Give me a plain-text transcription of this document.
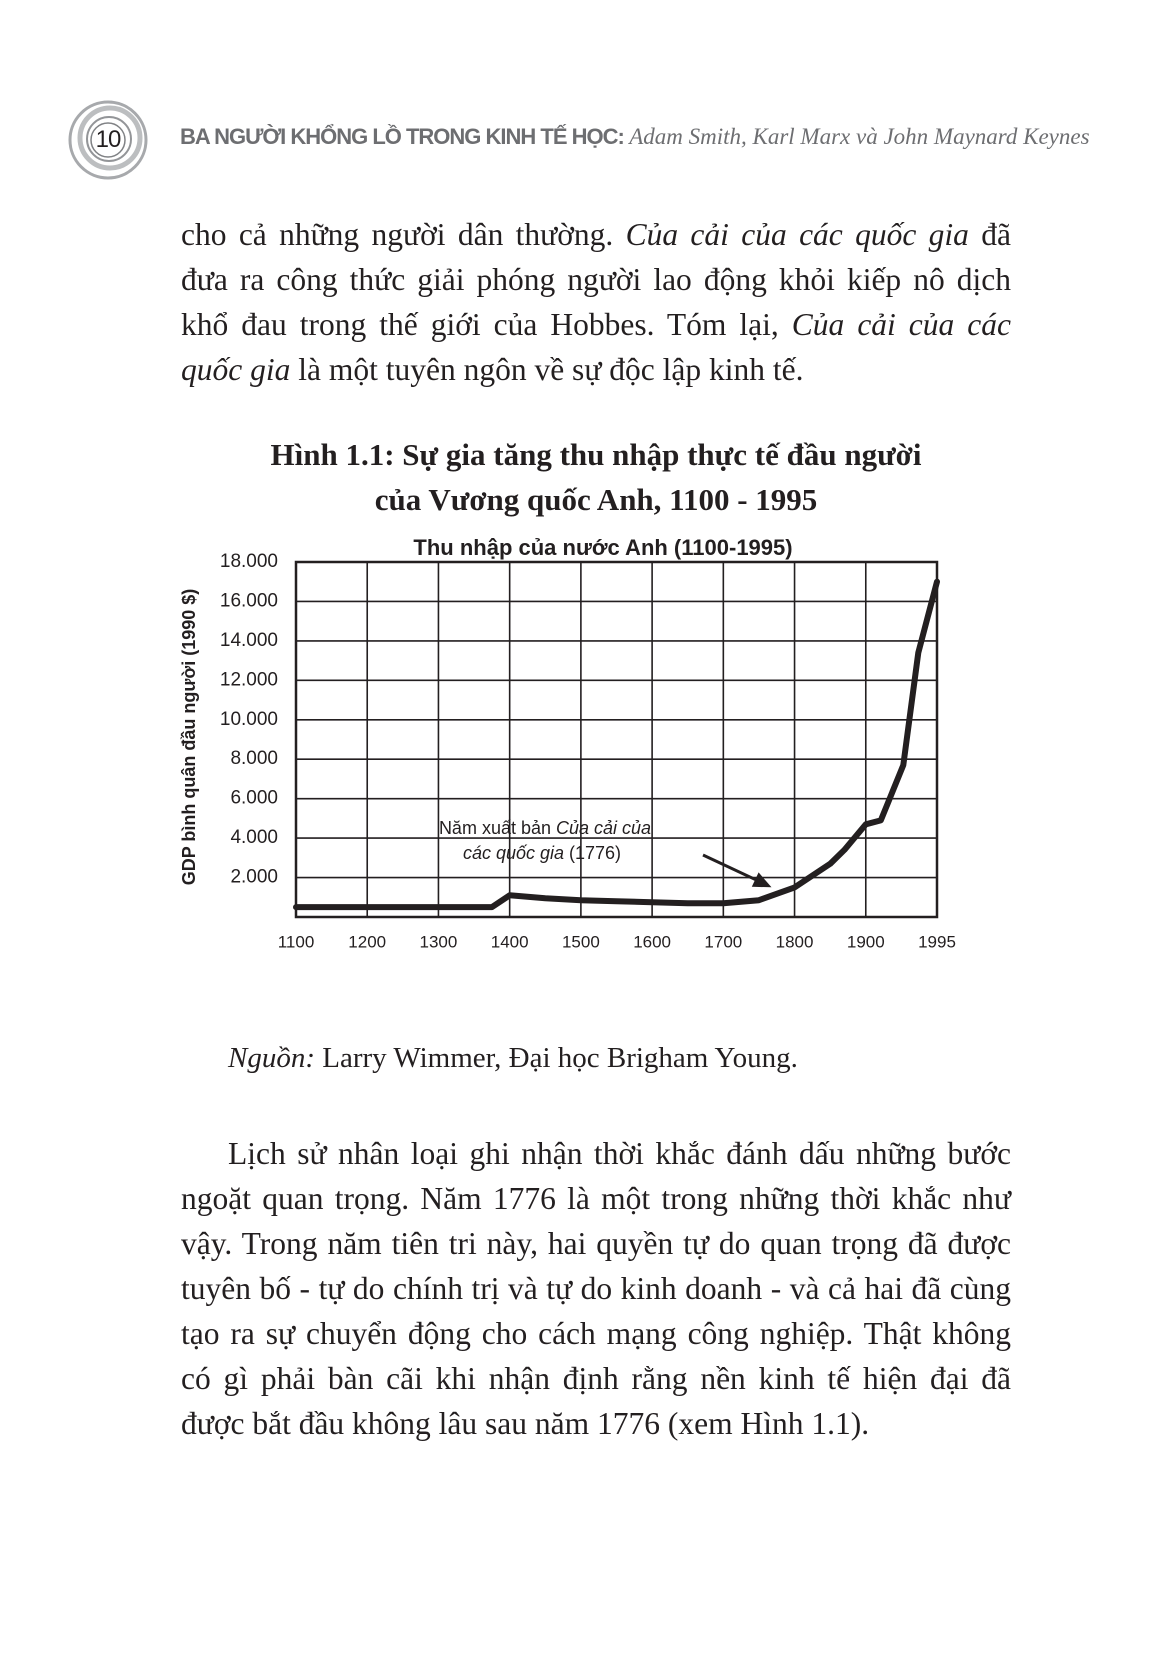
10	BA NGƯỜI KHỔNG LỒ TRONG KINH TẾ HỌC: Adam Smith, Karl Marx và John Maynard Keynes

cho cả những người dân thường. Của cải của các quốc gia đã đưa ra công thức giải phóng người lao động khỏi kiếp nô dịch khổ đau trong thế giới của Hobbes. Tóm lại, Của cải của các quốc gia là một tuyên ngôn về sự độc lập kinh tế.

Hình 1.1: Sự gia tăng thu nhập thực tế đầu người
của Vương quốc Anh, 1100 - 1995

Thu nhập của nước Anh (1100-1995)
GDP bình quân đầu người (1990 $)
1100 1200 1300 1400 1500 1600 1700 1800 1900 1995
2.000
4.000
6.000
8.000
10.000
12.000
14.000
16.000
18.000
Năm xuất bản Của cải của
các quốc gia (1776)

Nguồn: Larry Wimmer, Đại học Brigham Young.

Lịch sử nhân loại ghi nhận thời khắc đánh dấu những bước ngoặt quan trọng. Năm 1776 là một trong những thời khắc như vậy. Trong năm tiên tri này, hai quyền tự do quan trọng đã được tuyên bố - tự do chính trị và tự do kinh doanh - và cả hai đã cùng tạo ra sự chuyển động cho cách mạng công nghiệp. Thật không có gì phải bàn cãi khi nhận định rằng nền kinh tế hiện đại đã được bắt đầu không lâu sau năm 1776 (xem Hình 1.1).
